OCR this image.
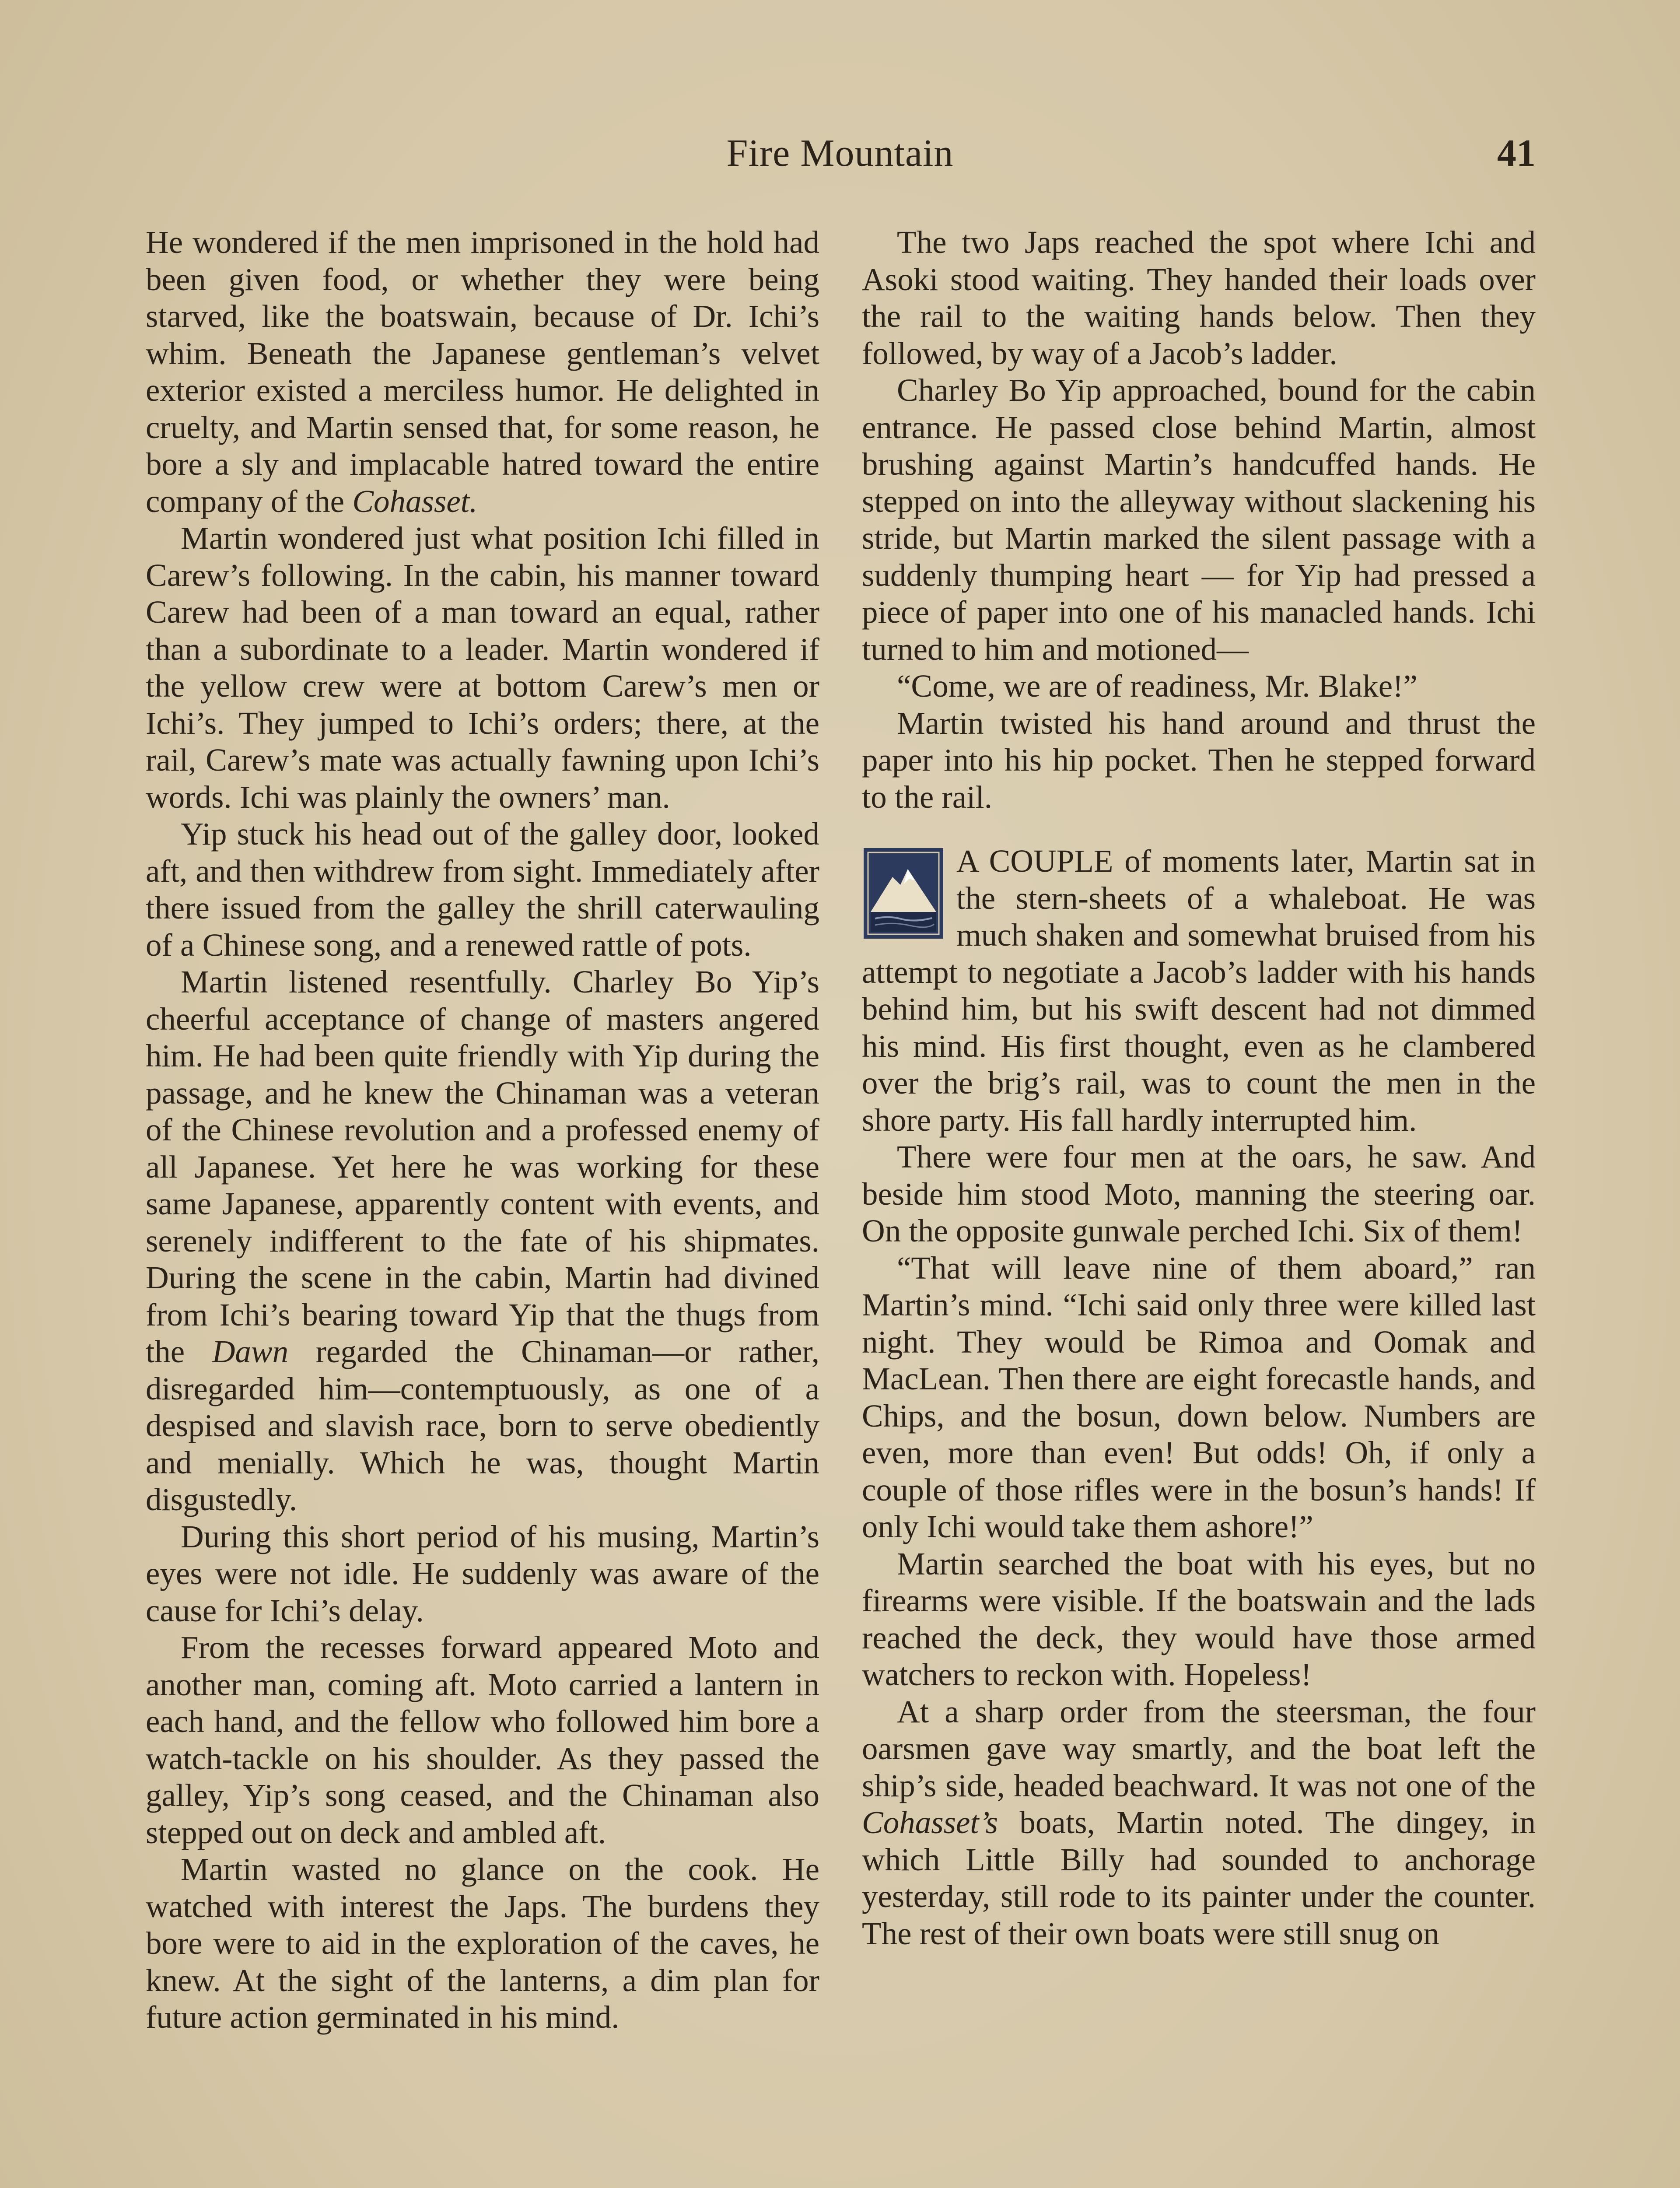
Fire Mountain	41

He wondered if the men imprisoned in the hold had been given food, or whether they were being starved, like the boatswain, because of Dr. Ichi’s whim. Beneath the Japanese gentleman’s velvet exterior existed a merciless humor. He delighted in cruelty, and Martin sensed that, for some reason, he bore a sly and implacable hatred toward the entire company of the Cohasset.

Martin wondered just what position Ichi filled in Carew’s following. In the cabin, his manner toward Carew had been of a man toward an equal, rather than a subordinate to a leader. Martin wondered if the yellow crew were at bottom Carew’s men or Ichi’s. They jumped to Ichi’s orders; there, at the rail, Carew’s mate was actually fawning upon Ichi’s words. Ichi was plainly the owners’ man.

Yip stuck his head out of the galley door, looked aft, and then withdrew from sight. Immediately after there issued from the galley the shrill caterwauling of a Chinese song, and a renewed rattle of pots.

Martin listened resentfully. Charley Bo Yip’s cheerful acceptance of change of masters angered him. He had been quite friendly with Yip during the passage, and he knew the Chinaman was a veteran of the Chinese revolution and a professed enemy of all Japanese. Yet here he was working for these same Japanese, apparently content with events, and serenely indifferent to the fate of his shipmates. During the scene in the cabin, Martin had divined from Ichi’s bearing toward Yip that the thugs from the Dawn regarded the Chinaman—or rather, disregarded him—contemptuously, as one of a despised and slavish race, born to serve obediently and menially. Which he was, thought Martin disgustedly.

During this short period of his musing, Martin’s eyes were not idle. He suddenly was aware of the cause for Ichi’s delay.

From the recesses forward appeared Moto and another man, coming aft. Moto carried a lantern in each hand, and the fellow who followed him bore a watch-tackle on his shoulder. As they passed the galley, Yip’s song ceased, and the Chinaman also stepped out on deck and ambled aft.

Martin wasted no glance on the cook. He watched with interest the Japs. The burdens they bore were to aid in the exploration of the caves, he knew. At the sight of the lanterns, a dim plan for future action germinated in his mind.

The two Japs reached the spot where Ichi and Asoki stood waiting. They handed their loads over the rail to the waiting hands below. Then they followed, by way of a Jacob’s ladder.

Charley Bo Yip approached, bound for the cabin entrance. He passed close behind Martin, almost brushing against Martin’s handcuffed hands. He stepped on into the alleyway without slackening his stride, but Martin marked the silent passage with a suddenly thumping heart — for Yip had pressed a piece of paper into one of his manacled hands. Ichi turned to him and motioned—

“Come, we are of readiness, Mr. Blake!”

Martin twisted his hand around and thrust the paper into his hip pocket. Then he stepped forward to the rail.

A COUPLE of moments later, Martin sat in the stern-sheets of a whaleboat. He was much shaken and somewhat bruised from his attempt to negotiate a Jacob’s ladder with his hands behind him, but his swift descent had not dimmed his mind. His first thought, even as he clambered over the brig’s rail, was to count the men in the shore party. His fall hardly interrupted him.

There were four men at the oars, he saw. And beside him stood Moto, manning the steering oar. On the opposite gunwale perched Ichi. Six of them!

“That will leave nine of them aboard,” ran Martin’s mind. “Ichi said only three were killed last night. They would be Rimoa and Oomak and MacLean. Then there are eight forecastle hands, and Chips, and the bosun, down below. Numbers are even, more than even! But odds! Oh, if only a couple of those rifles were in the bosun’s hands! If only Ichi would take them ashore!”

Martin searched the boat with his eyes, but no firearms were visible. If the boatswain and the lads reached the deck, they would have those armed watchers to reckon with. Hopeless!

At a sharp order from the steersman, the four oarsmen gave way smartly, and the boat left the ship’s side, headed beachward. It was not one of the Cohasset’s boats, Martin noted. The dingey, in which Little Billy had sounded to anchorage yesterday, still rode to its painter under the counter. The rest of their own boats were still snug on
